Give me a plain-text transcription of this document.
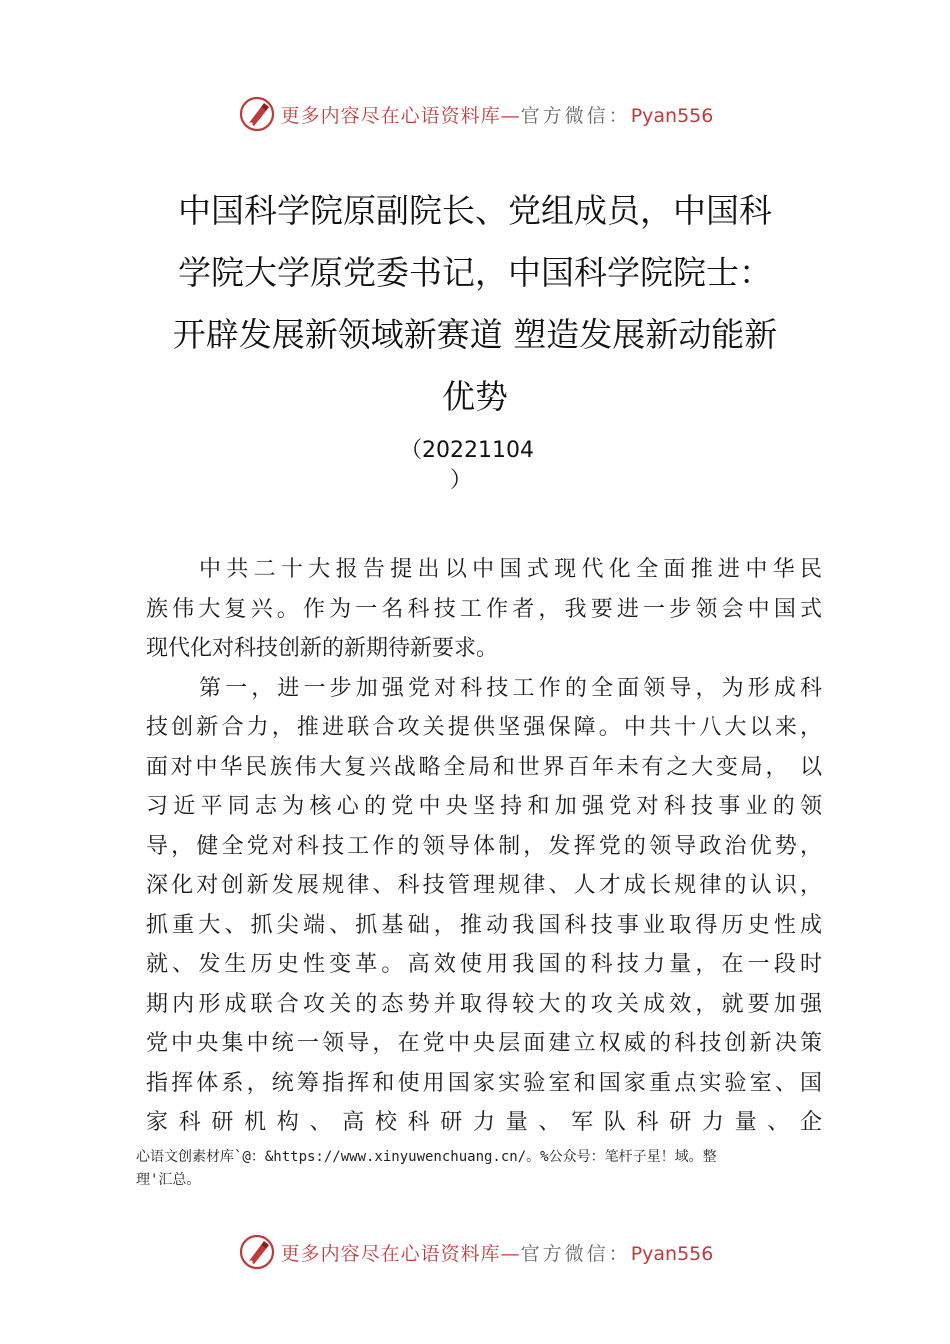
更多内容尽在心语资料库—官方微信：Pyan556
中国科学院原副院长、党组成员，中国科
学院大学原党委书记，中国科学院院士：
开辟发展新领域新赛道 塑造发展新动能新
优势
（20221104
）
中共二十大报告提出以中国式现代化全面推进中华民
族伟大复兴。作为一名科技工作者，我要进一步领会中国式
现代化对科技创新的新期待新要求。
第一，进一步加强党对科技工作的全面领导，为形成科
技创新合力，推进联合攻关提供坚强保障。中共十八大以来，
面对中华民族伟大复兴战略全局和世界百年未有之大变局， 以
习近平同志为核心的党中央坚持和加强党对科技事业的领
导，健全党对科技工作的领导体制，发挥党的领导政治优势，
深化对创新发展规律、科技管理规律、人才成长规律的认识，
抓重大、抓尖端、抓基础，推动我国科技事业取得历史性成
就、发生历史性变革。高效使用我国的科技力量，在一段时
期内形成联合攻关的态势并取得较大的攻关成效，就要加强
党中央集中统一领导，在党中央层面建立权威的科技创新决策
指挥体系，统筹指挥和使用国家实验室和国家重点实验室、国
家科研机构、高校科研力量、军队科研力量、企
心语文创素材库`@：&https://www.xinyuwenchuang.cn/。%公众号：笔杆子星！域。整
理'汇总。
更多内容尽在心语资料库—官方微信：Pyan556
